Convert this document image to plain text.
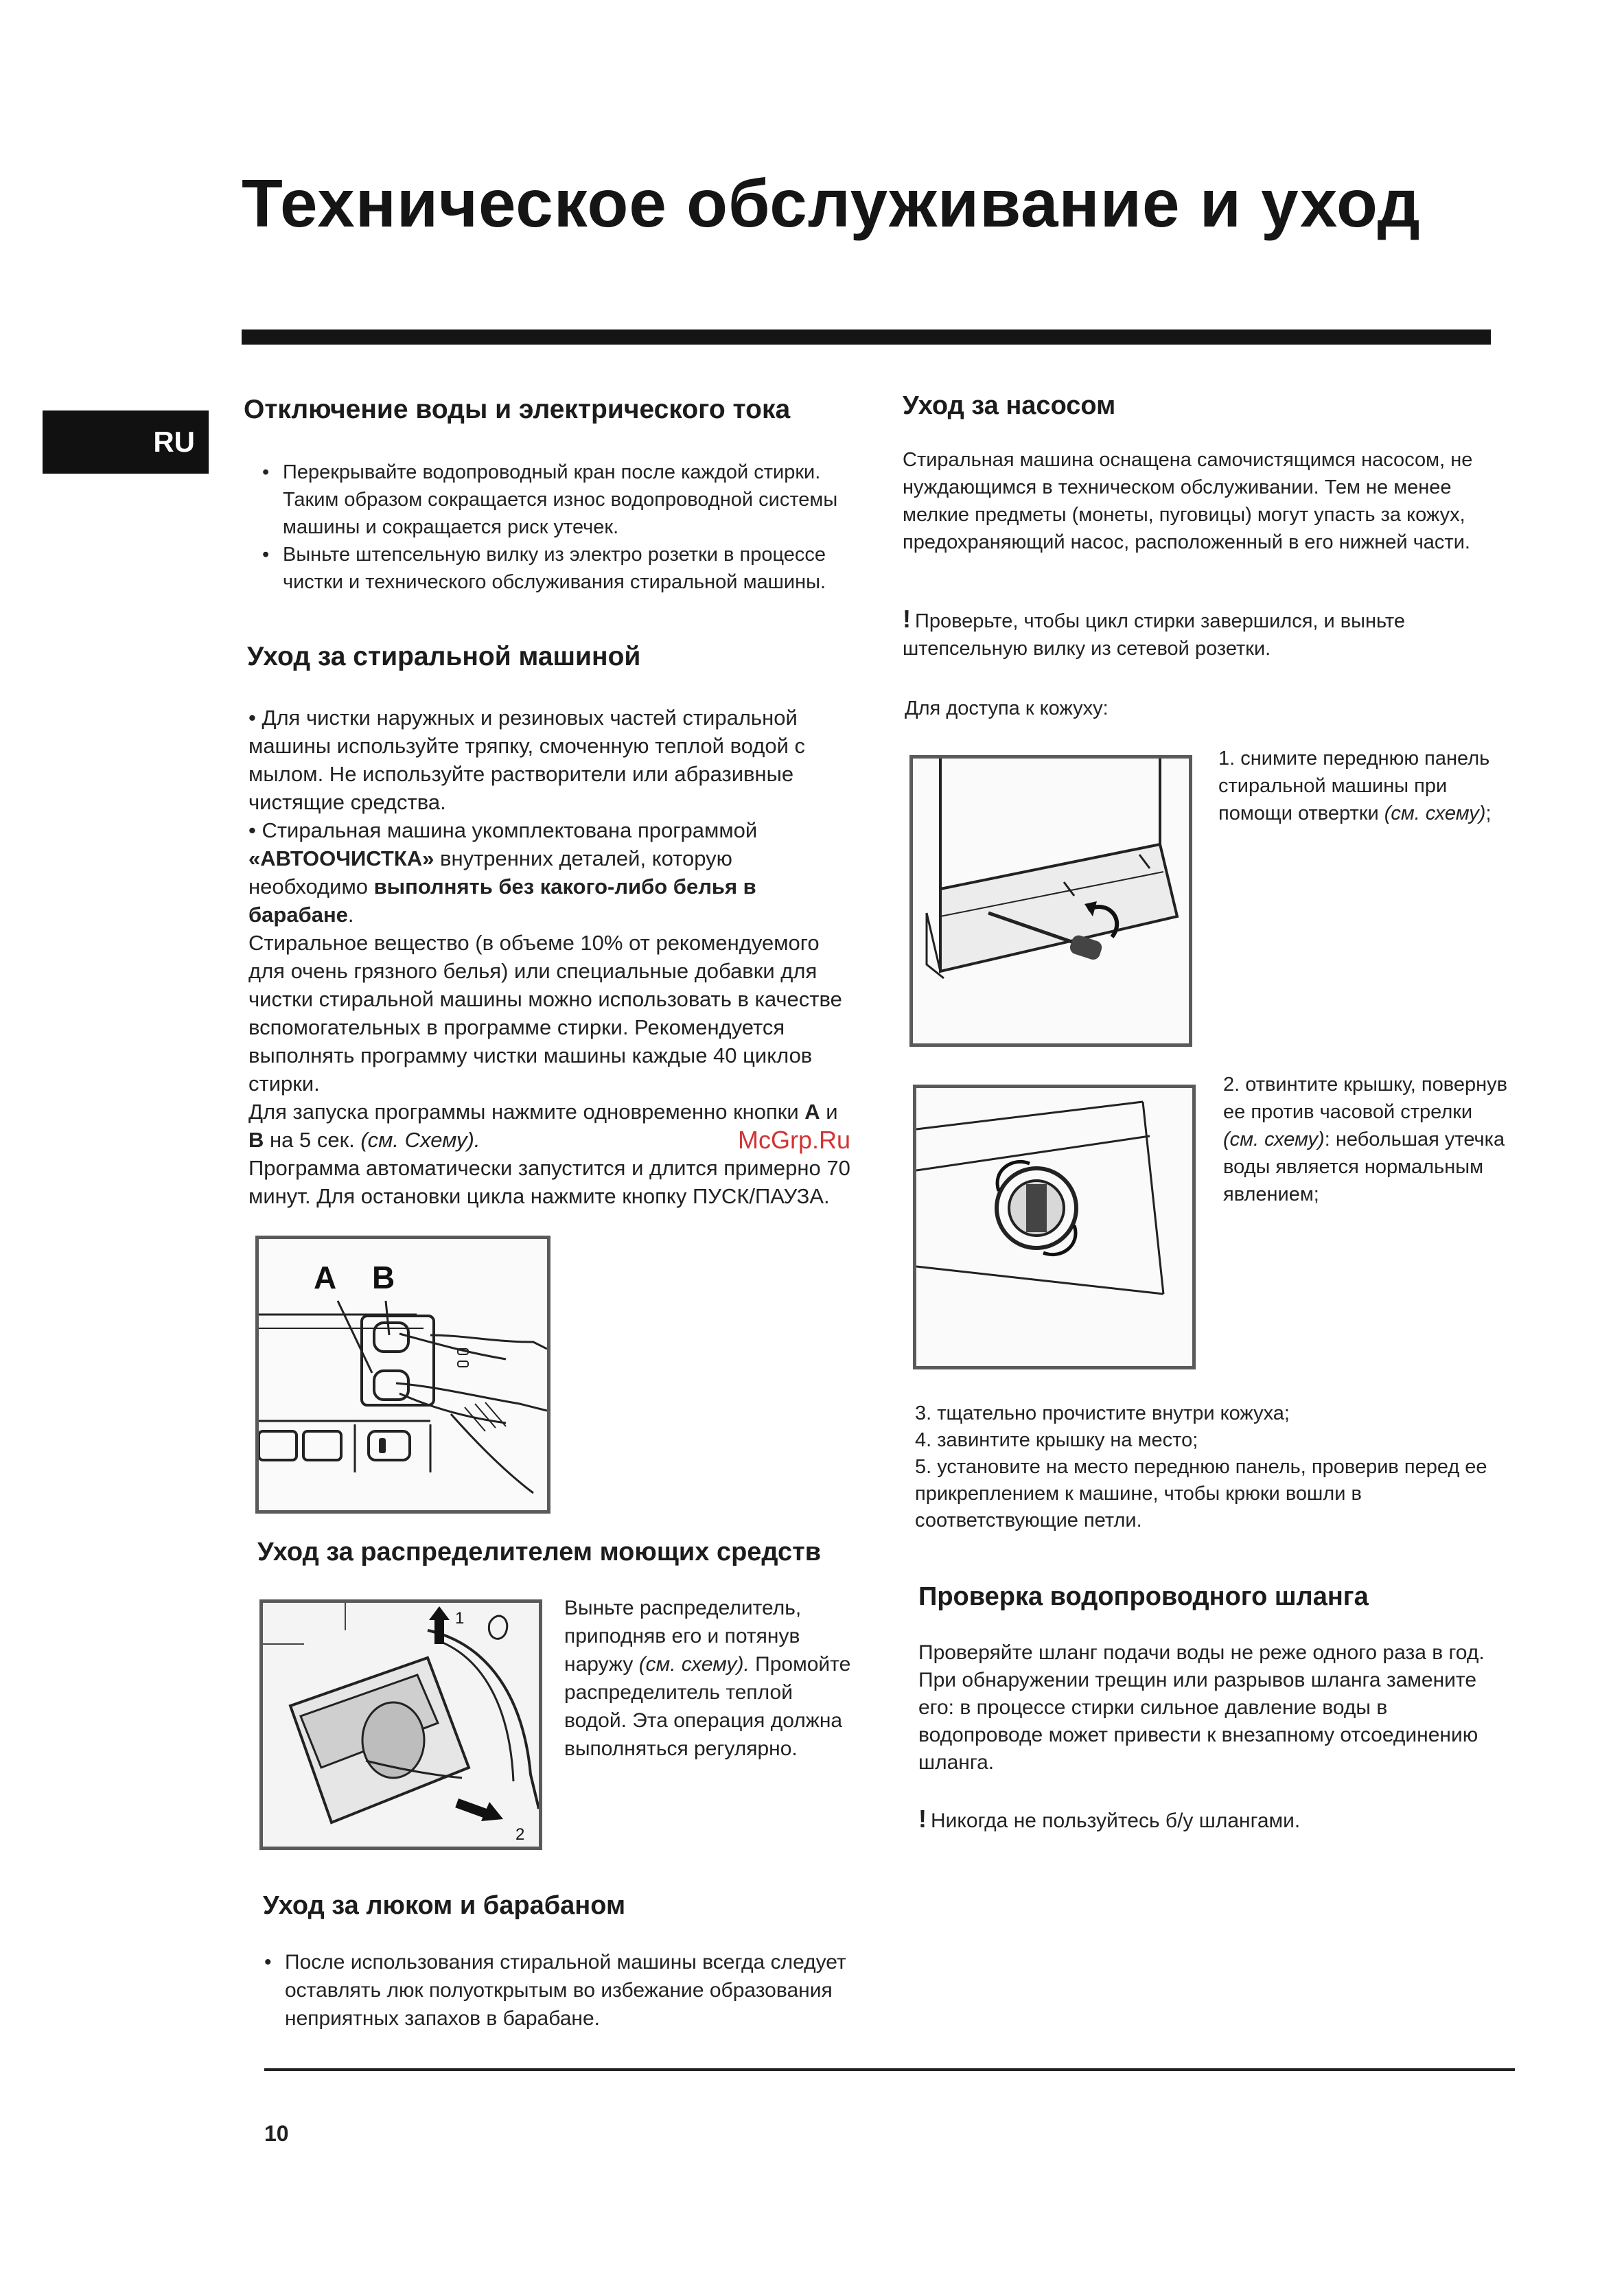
Техническое обслуживание и уход
RU
Отключение воды и электрического тока
• Перекрывайте водопроводный кран после каждой стирки. Таким образом сокращается износ водопроводной системы машины и сокращается риск утечек.
• Выньте штепсельную вилку из электро розетки в процессе чистки и технического обслуживания стиральной машины.
Уход за стиральной машиной

• Для чистки наружных и резиновых частей стиральной машины используйте тряпку, смоченную теплой водой с мылом. Не используйте растворители или абразивные чистящие средства.

• Стиральная машина укомплектована программой «АВТООЧИСТКА» внутренних деталей, которую необходимо выполнять без какого-либо белья в барабане.

Стиральное вещество (в объеме 10% от рекомендуемого для очень грязного белья) или специальные добавки для чистки стиральной машины можно использовать в качестве вспомогательных в программе стирки. Рекомендуется выполнять программу чистки машины каждые 40 циклов стирки.

Для запуска программы нажмите одновременно кнопки А и В на 5 сек. (см. Схему).

Программа автоматически запустится и длится примерно 70 минут. Для остановки цикла нажмите кнопку ПУСК/ПАУЗА.

A B
Уход за распределителем моющих средств
1
2

Выньте распределитель, приподняв его и потянув наружу (см. схему). Промойте распределитель теплой водой. Эта операция должна выполняться регулярно.

Уход за люком и барабаном
• После использования стиральной машины всегда следует оставлять люк полуоткрытым во избежание образования неприятных запахов в барабане.
Уход за насосом

Стиральная машина оснащена самочистящимся насосом, не нуждающимся в техническом обслуживании. Тем не менее мелкие предметы (монеты, пуговицы) могут упасть за кожух, предохраняющий насос, расположенный в его нижней части.

! Проверьте, чтобы цикл стирки завершился, и выньте штепсельную вилку из сетевой розетки.

Для доступа к кожуху:

1. снимите переднюю панель стиральной машины при помощи отвертки (см. схему);

2. отвинтите крышку, повернув ее против часовой стрелки (см. схему): небольшая утечка воды является нормальным явлением;

3. тщательно прочистите внутри кожуха;

4. завинтите крышку на место;

5. установите на место переднюю панель, проверив перед ее прикреплением к машине, чтобы крюки вошли в соответствующие петли.

Проверка водопроводного шланга

Проверяйте шланг подачи воды не реже одного раза в год. При обнаружении трещин или разрывов шланга замените его: в процессе стирки сильное давление воды в водопроводе может привести к внезапному отсоединению шланга.

! Никогда не пользуйтесь б/у шлангами.

McGrp.Ru
10
